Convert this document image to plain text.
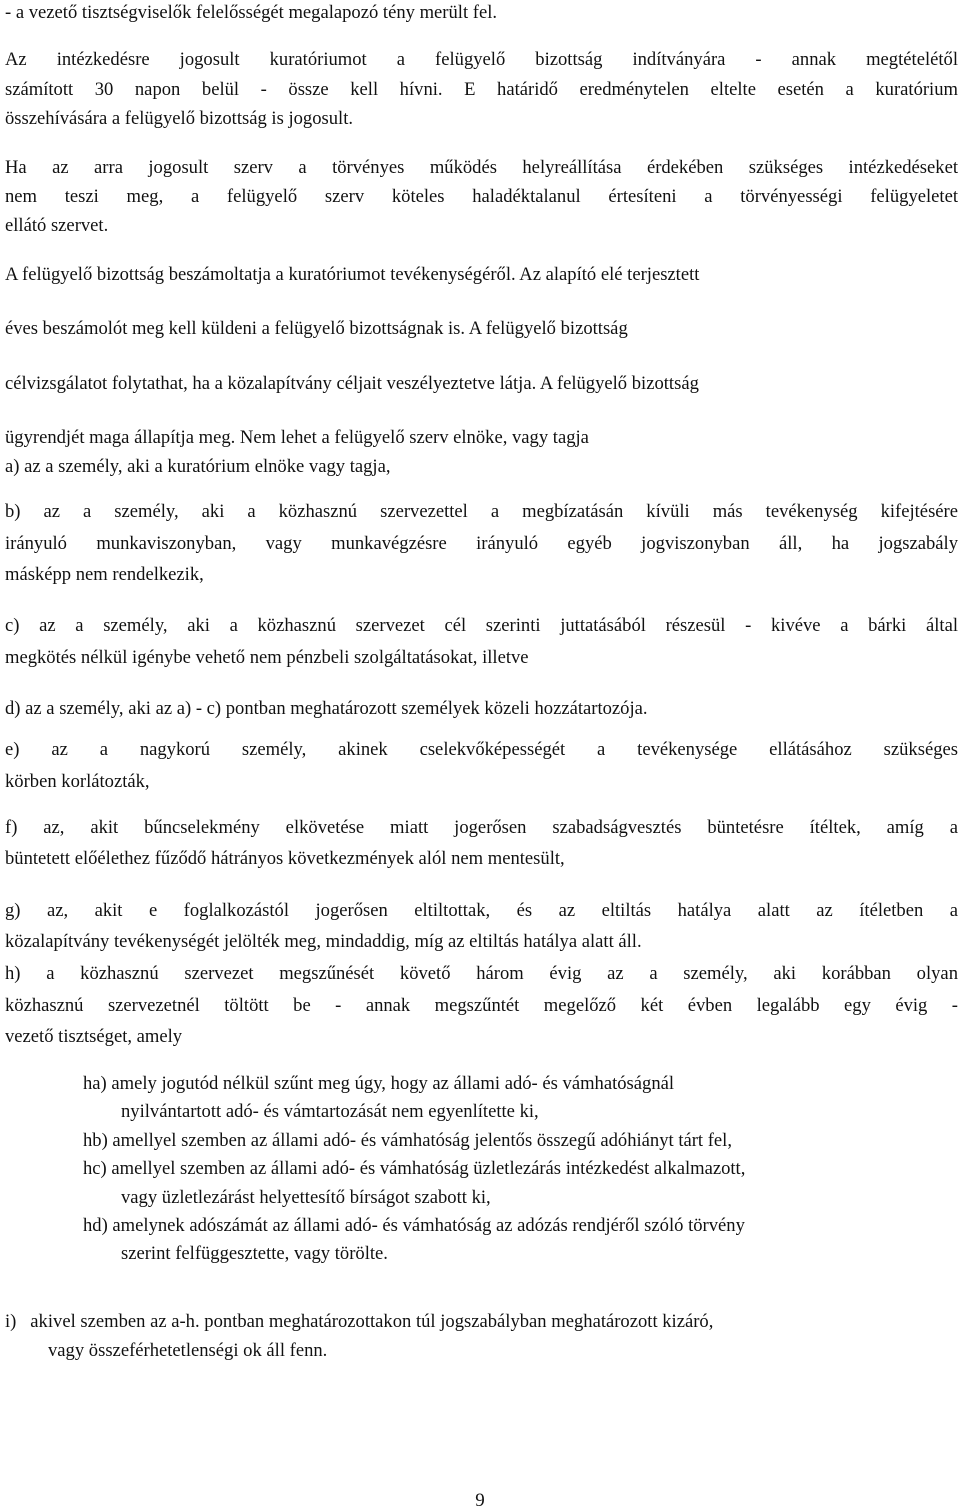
- a vezető tisztségviselők felelősségét megalapozó tény merült fel.
Az intézkedésre jogosult kuratóriumot a felügyelő bizottság indítványára - annak megtételétől
számított 30 napon belül - össze kell hívni. E határidő eredménytelen eltelte esetén a kuratórium
összehívására a felügyelő bizottság is jogosult.
Ha az arra jogosult szerv a törvényes működés helyreállítása érdekében szükséges intézkedéseket
nem teszi meg, a felügyelő szerv köteles haladéktalanul értesíteni a törvényességi felügyeletet
ellátó szervet.
A felügyelő bizottság beszámoltatja a kuratóriumot tevékenységéről. Az alapító elé terjesztett
éves beszámolót meg kell küldeni a felügyelő bizottságnak is. A felügyelő bizottság
célvizsgálatot folytathat, ha a közalapítvány céljait veszélyeztetve látja. A felügyelő bizottság
ügyrendjét maga állapítja meg. Nem lehet a felügyelő szerv elnöke, vagy tagja
a) az a személy, aki a kuratórium elnöke vagy tagja,
b) az a személy, aki a közhasznú szervezettel a megbízatásán kívüli más tevékenység kifejtésére
irányuló munkaviszonyban, vagy munkavégzésre irányuló egyéb jogviszonyban áll, ha jogszabály
másképp nem rendelkezik,
c) az a személy, aki a közhasznú szervezet cél szerinti juttatásából részesül - kivéve a bárki által
megkötés nélkül igénybe vehető nem pénzbeli szolgáltatásokat, illetve
d) az a személy, aki az a) - c) pontban meghatározott személyek közeli hozzátartozója.
e) az a nagykorú személy, akinek cselekvőképességét a tevékenysége ellátásához szükséges
körben korlátozták,
f) az, akit bűncselekmény elkövetése miatt jogerősen szabadságvesztés büntetésre ítéltek, amíg a
büntetett előélethez fűződő hátrányos következmények alól nem mentesült,
g) az, akit e foglalkozástól jogerősen eltiltottak, és az eltiltás hatálya alatt az ítéletben a
közalapítvány tevékenységét jelölték meg, mindaddig, míg az eltiltás hatálya alatt áll.
h) a közhasznú szervezet megszűnését követő három évig az a személy, aki korábban olyan
közhasznú szervezetnél töltött be - annak megszűntét megelőző két évben legalább egy évig -
vezető tisztséget, amely
ha) amely jogutód nélkül szűnt meg úgy, hogy az állami adó- és vámhatóságnál
nyilvántartott adó- és vámtartozását nem egyenlítette ki,
hb) amellyel szemben az állami adó- és vámhatóság jelentős összegű adóhiányt tárt fel,
hc) amellyel szemben az állami adó- és vámhatóság üzletlezárás intézkedést alkalmazott,
vagy üzletlezárást helyettesítő bírságot szabott ki,
hd) amelynek adószámát az állami adó- és vámhatóság az adózás rendjéről szóló törvény
szerint felfüggesztette, vagy törölte.
i)   akivel szemben az a-h. pontban meghatározottakon túl jogszabályban meghatározott kizáró,
vagy összeférhetetlenségi ok áll fenn.
9
